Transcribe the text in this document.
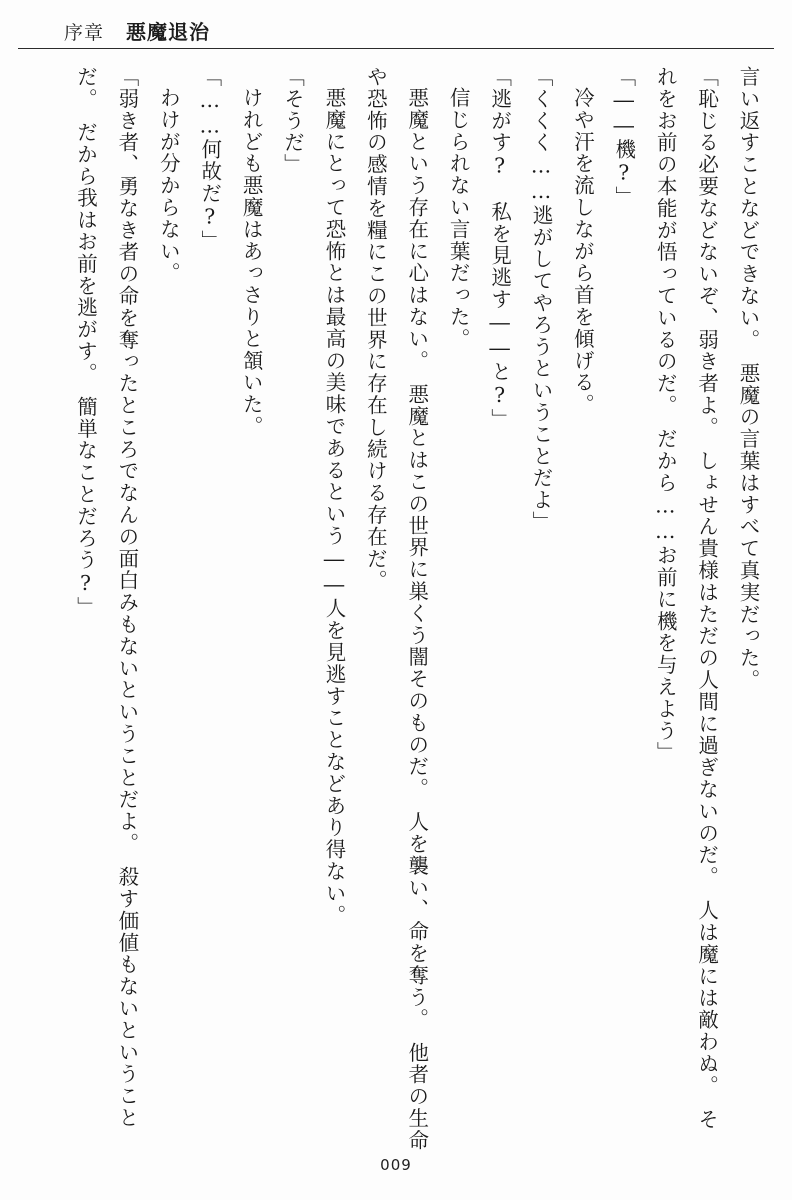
序章 悪魔退治

言い返すことなどできない。　悪魔の言葉はすべて真実だった。

「恥じる必要などないぞ、弱き者よ。　しょせん貴様はただの人間に過ぎないのだ。　人は魔には敵わぬ。　それをお前の本能が悟っているのだ。　だから……お前に機を与えよう」

「――機?」

冷や汗を流しながら首を傾げる。

「くくく……逃がしてやろうということだよ」

「逃がす?　私を見逃す――と?」

信じられない言葉だった。

悪魔という存在に心はない。　悪魔とはこの世界に巣くう闇そのものだ。　人を襲い、命を奪う。　他者の生命や恐怖の感情を糧にこの世界に存在し続ける存在だ。

悪魔にとって恐怖とは最高の美味であるという――人を見逃すことなどあり得ない。

「そうだ」

けれども悪魔はあっさりと頷いた。

「……何故だ?」

わけが分からない。

「弱き者、勇なき者の命を奪ったところでなんの面白みもないということだよ。　殺す価値もないということだ。　だから我はお前を逃がす。　簡単なことだろう?」

009
